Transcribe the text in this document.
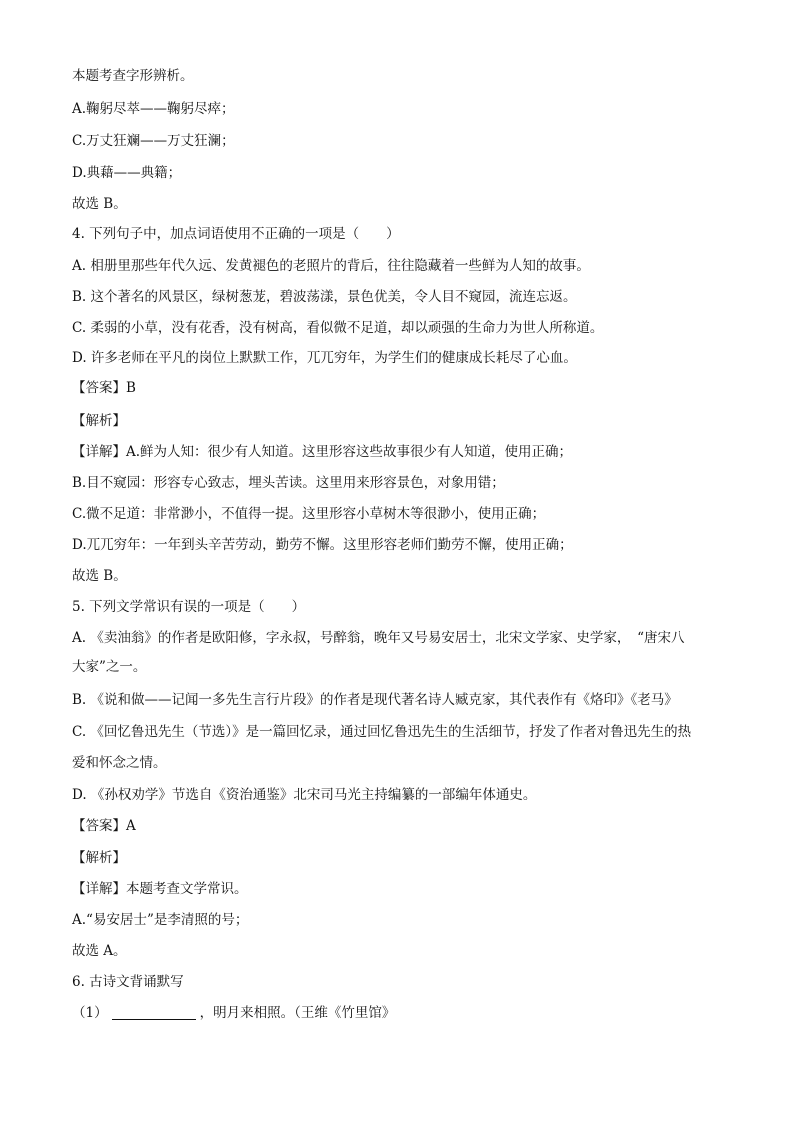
本题考查字形辨析。
A.鞠躬尽萃——鞠躬尽瘁；
C.万丈狂斓——万丈狂澜；
D.典藉——典籍；
故选 B。
4. 下列句子中，加点词语使用不正确的一项是（　　）
A. 相册里那些年代久远、发黄褪色的老照片的背后，往往隐藏着一些鲜为人知的故事。
B. 这个著名的风景区，绿树葱茏，碧波荡漾，景色优美，令人目不窥园，流连忘返。
C. 柔弱的小草，没有花香，没有树高，看似微不足道，却以顽强的生命力为世人所称道。
D. 许多老师在平凡的岗位上默默工作，兀兀穷年，为学生们的健康成长耗尽了心血。
【答案】B
【解析】
【详解】A.鲜为人知：很少有人知道。这里形容这些故事很少有人知道，使用正确；
B.目不窥园：形容专心致志，埋头苦读。这里用来形容景色，对象用错；
C.微不足道：非常渺小，不值得一提。这里形容小草树木等很渺小，使用正确；
D.兀兀穷年：一年到头辛苦劳动，勤劳不懈。这里形容老师们勤劳不懈，使用正确；
故选 B。
5. 下列文学常识有误的一项是（　　）
A. 《卖油翁》的作者是欧阳修，字永叔，号醉翁，晚年又号易安居士，北宋文学家、史学家，　“唐宋八
大家”之一。
B. 《说和做——记闻一多先生言行片段》的作者是现代著名诗人臧克家，其代表作有《烙印》《老马》
C. 《回忆鲁迅先生（节选）》是一篇回忆录，通过回忆鲁迅先生的生活细节，抒发了作者对鲁迅先生的热
爱和怀念之情。
D. 《孙权劝学》节选自《资治通鉴》北宋司马光主持编纂的一部编年体通史。
【答案】A
【解析】
【详解】本题考查文学常识。
A.“易安居士”是李清照的号；
故选 A。
6. 古诗文背诵默写
（1）	，明月来相照。（王维《竹里馆》
